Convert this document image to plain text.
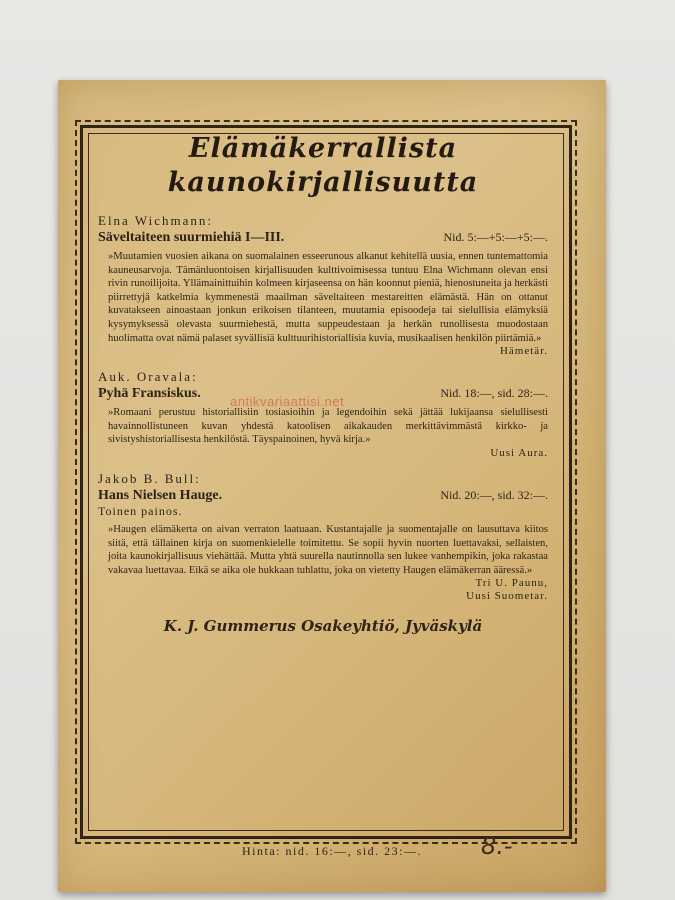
Elämäkerrallista
kaunokirjallisuutta

Elna Wichmann:

Säveltaiteen suurmiehiä I—III.	Nid. 5:—+5:—+5:—.

»Muutamien vuosien aikana on suomalainen esseerunous alkanut kehitellä uusia, ennen tuntemattomia kauneusarvoja. Tämänluontoisen kirjallisuuden kulttivoimisessa tuntuu Elna Wichmann olevan ensi rivin runoilijoita. Yllämainittuihin kolmeen kirjaseensa on hän koonnut pieniä, hienostuneita ja herkästi piirrettyjä katkelmia kymmenestä maailman säveltaiteen mestareitten elämästä. Hän on ottanut kuvatakseen ainoastaan jonkun erikoisen tilanteen, muutamia episoodeja tai sielullisia elämyksiä kysymyksessä olevasta suurmiehestä, mutta suppeudestaan ja herkän runollisesta muodostaan huolimatta ovat nämä palaset syvällisiä kulttuurihistoriallisia kuvia, musikaalisen henkilön piirtämiä.»

Hämetär.

Auk. Oravala:

Pyhä Fransiskus.	Nid. 18:—, sid. 28:—.

»Romaani perustuu historiallisiin tosiasioihin ja legendoihin sekä jättää lukijaansa sielullisesti havainnollistuneen kuvan yhdestä katoolisen aikakauden merkittävimmästä kirkko- ja sivistyshistoriallisesta henkilöstä. Täyspainoinen, hyvä kirja.»

Uusi Aura.

Jakob B. Bull:

Hans Nielsen Hauge.	Nid. 20:—, sid. 32:—.

Toinen painos.

»Haugen elämäkerta on aivan verraton laatuaan. Kustantajalle ja suomentajalle on lausuttava kiitos siitä, että tällainen kirja on suomenkielelle toimitettu. Se sopii hyvin nuorten luettavaksi, sellaisten, joita kaunokirjallisuus viehättää. Mutta yhtä suurella nautinnolla sen lukee vanhempikin, joka rakastaa vakavaa luettavaa. Eikä se aika ole hukkaan tuhlattu, joka on vietetty Haugen elämäkerran ääressä.»

Tri U. Paunu,

Uusi Suometar.

K. J. Gummerus Osakeyhtiö, Jyväskylä
antikvariaattisi.net
Hinta: nid. 16:—, sid. 23:—.	8.-
